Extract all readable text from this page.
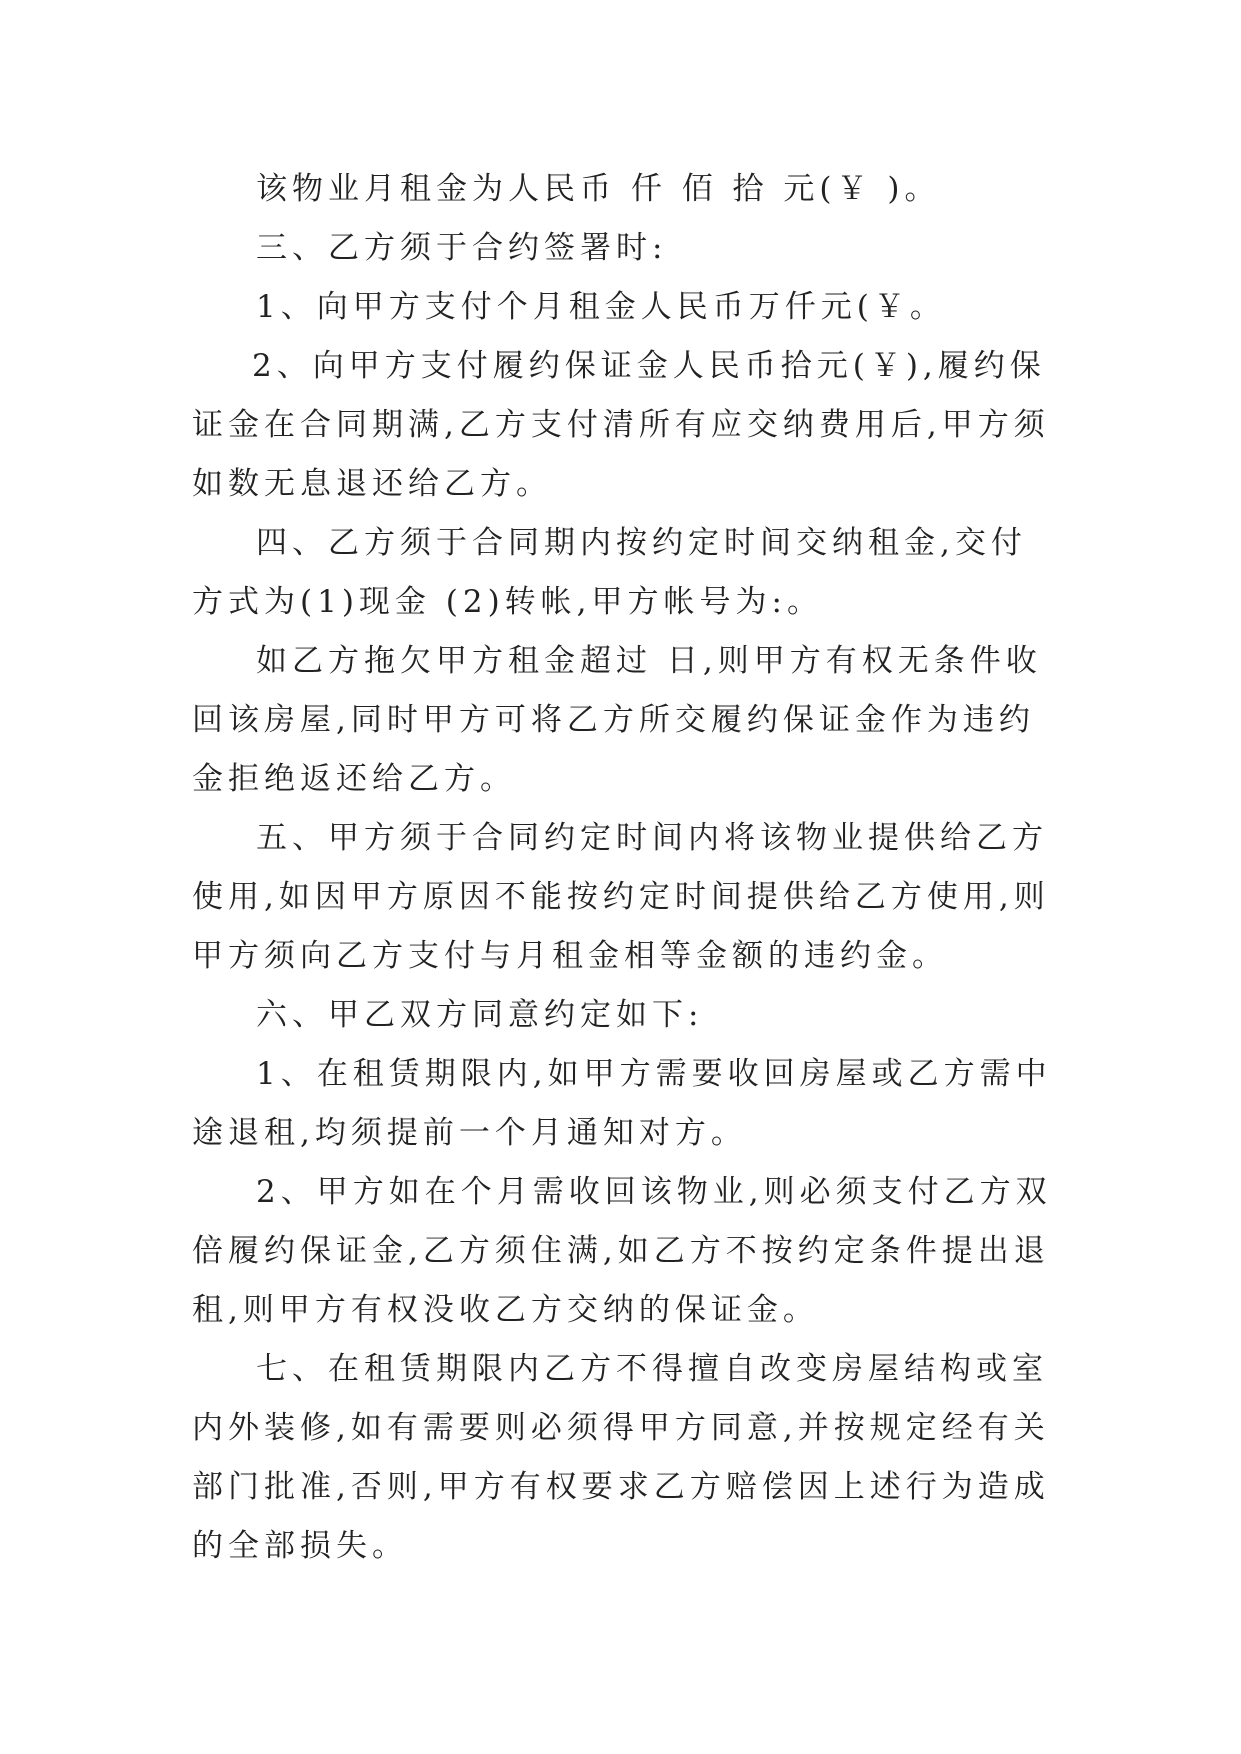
该物业月租金为人民币 仟 佰 拾 元(￥ )。

三、乙方须于合约签署时:

1、向甲方支付个月租金人民币万仟元(￥。

2、向甲方支付履约保证金人民币拾元(￥),履约保证金在合同期满,乙方支付清所有应交纳费用后,甲方须如数无息退还给乙方。

四、乙方须于合同期内按约定时间交纳租金,交付方式为(1)现金 (2)转帐,甲方帐号为:。

如乙方拖欠甲方租金超过 日,则甲方有权无条件收回该房屋,同时甲方可将乙方所交履约保证金作为违约金拒绝返还给乙方。

五、甲方须于合同约定时间内将该物业提供给乙方使用,如因甲方原因不能按约定时间提供给乙方使用,则甲方须向乙方支付与月租金相等金额的违约金。

六、甲乙双方同意约定如下:

1、在租赁期限内,如甲方需要收回房屋或乙方需中途退租,均须提前一个月通知对方。

2、甲方如在个月需收回该物业,则必须支付乙方双倍履约保证金,乙方须住满,如乙方不按约定条件提出退租,则甲方有权没收乙方交纳的保证金。

七、在租赁期限内乙方不得擅自改变房屋结构或室内外装修,如有需要则必须得甲方同意,并按规定经有关部门批准,否则,甲方有权要求乙方赔偿因上述行为造成的全部损失。
